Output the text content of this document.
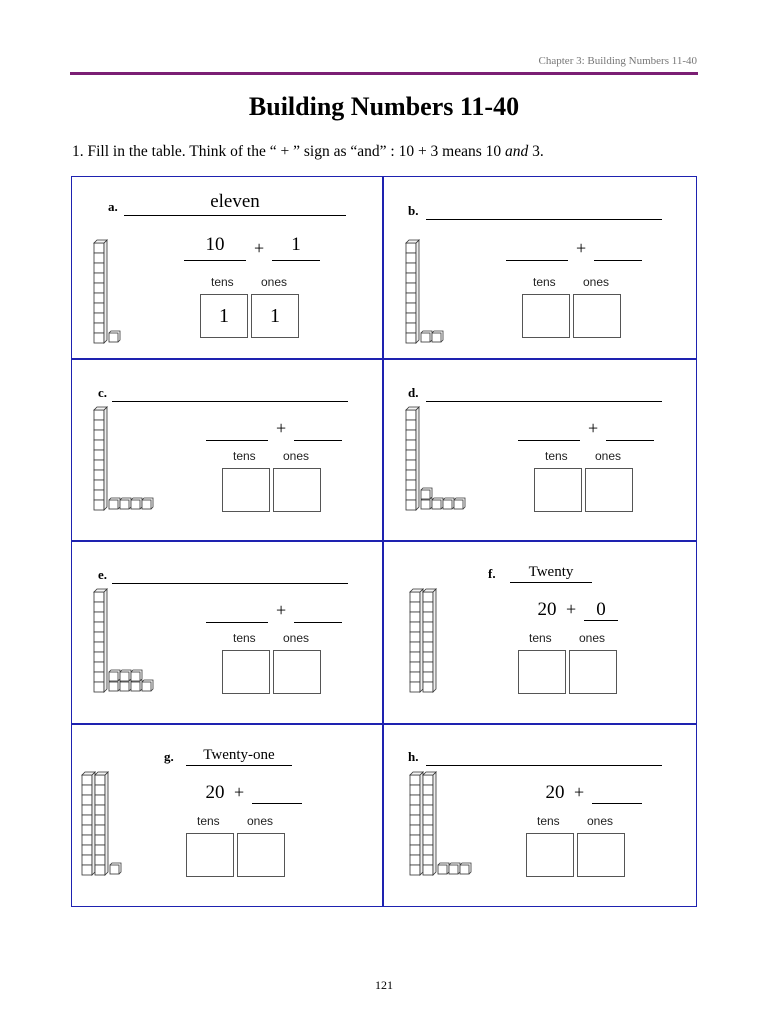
Chapter 3: Building Numbers 11-40
Building Numbers 11-40
1. Fill in the table. Think of the “ + ” sign as “and” : 10 + 3 means 10 and 3.
a.	eleven
10	+	1
tens ones
1	1
b.
+
tens ones
c.
+
tens ones
d.
+
tens ones
e.
+
tens ones
f.	Twenty
20 +	0
tens ones
g.	Twenty-one
20 +
tens ones
h.
20 +
tens ones
121
